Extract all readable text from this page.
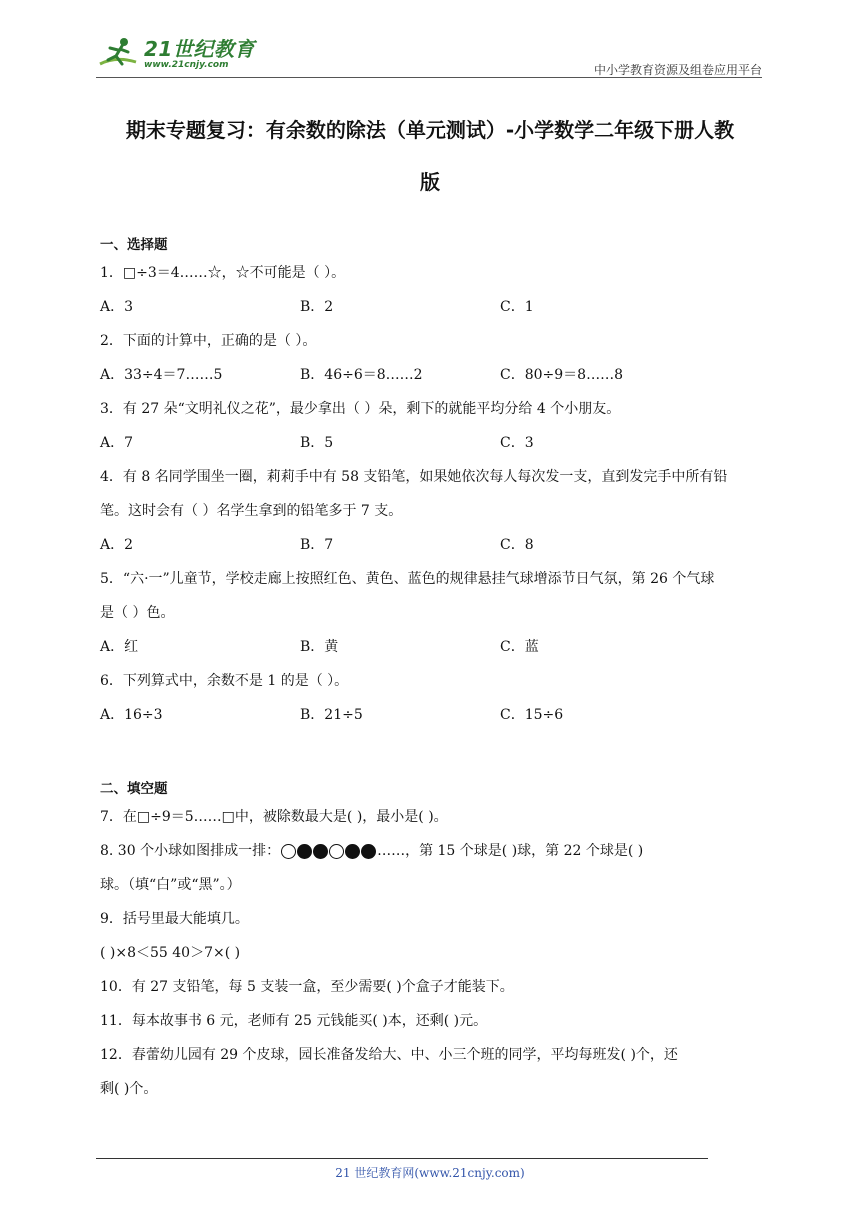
21世纪教育
www.21cnjy.com	中小学教育资源及组卷应用平台
期末专题复习：有余数的除法（单元测试）-小学数学二年级下册人教
版
一、选择题
1．□÷3＝4……☆，☆不可能是（ ）。
A．3	B．2	C．1
2．下面的计算中，正确的是（ ）。
A．33÷4＝7……5	B．46÷6＝8……2	C．80÷9＝8……8
3．有 27 朵“文明礼仪之花”，最少拿出（ ）朵，剩下的就能平均分给 4 个小朋友。
A．7	B．5	C．3
4．有 8 名同学围坐一圈，莉莉手中有 58 支铅笔，如果她依次每人每次发一支，直到发完手中所有铅
笔。这时会有（ ）名学生拿到的铅笔多于 7 支。
A．2	B．7	C．8
5．“六·一”儿童节，学校走廊上按照红色、黄色、蓝色的规律悬挂气球增添节日气氛，第 26 个气球
是（ ）色。
A．红	B．黄	C．蓝
6．下列算式中，余数不是 1 的是（ ）。
A．16÷3	B．21÷5	C．15÷6
二、填空题
7．在□÷9＝5……□中，被除数最大是( )，最小是( )。
8. 30 个小球如图排成一排：	……，第 15 个球是( )球，第 22 个球是( )
球。（填“白”或“黑”。）
9．括号里最大能填几。
( )×8＜55 40＞7×( )
10．有 27 支铅笔，每 5 支装一盒，至少需要( )个盒子才能装下。
11．每本故事书 6 元，老师有 25 元钱能买( )本，还剩( )元。
12．春蕾幼儿园有 29 个皮球，园长准备发给大、中、小三个班的同学，平均每班发( )个，还
剩( )个。
21 世纪教育网(www.21cnjy.com)
